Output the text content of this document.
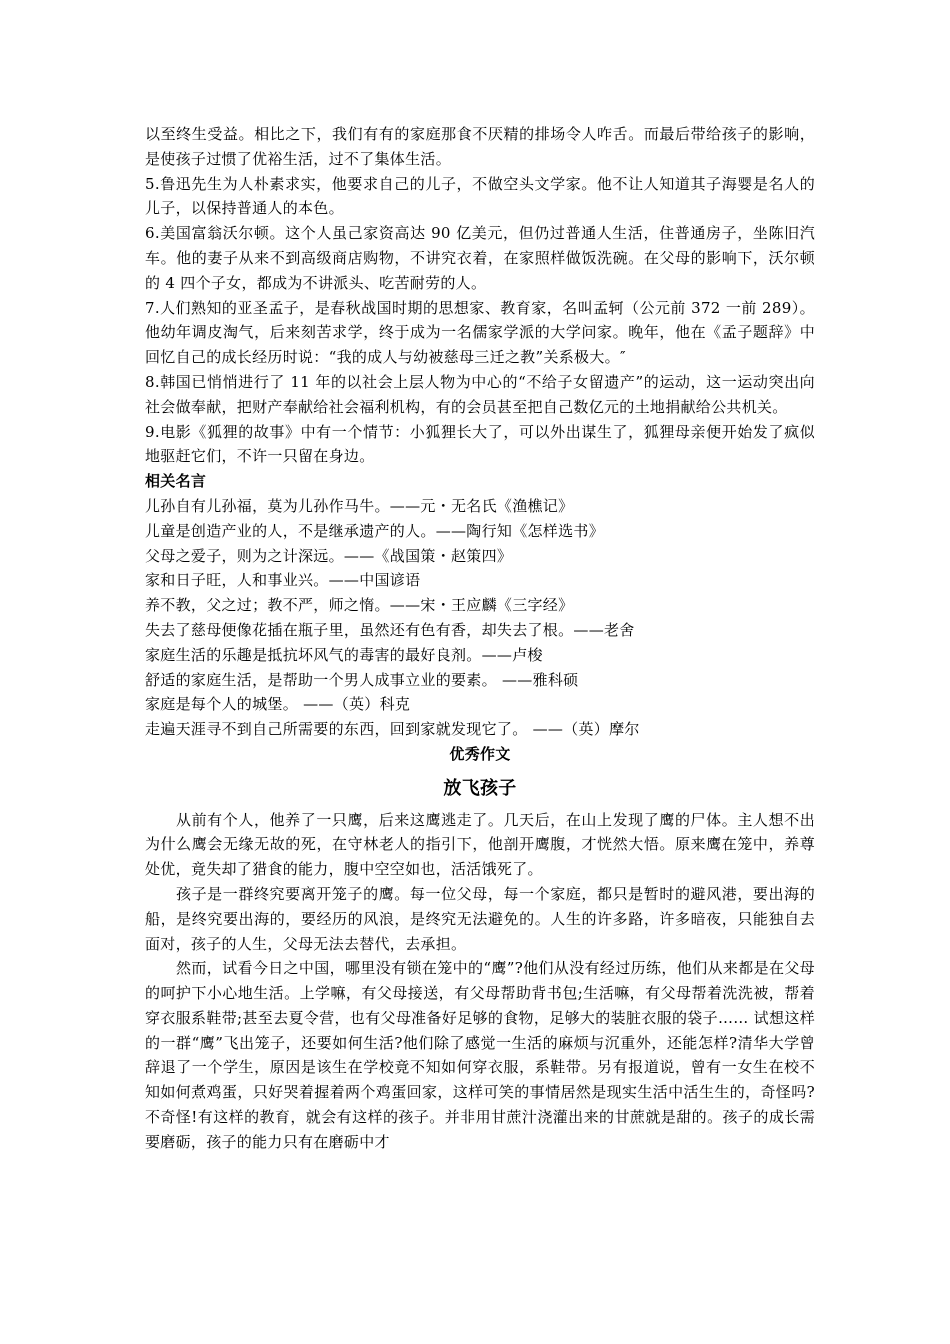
以至终生受益。相比之下，我们有有的家庭那食不厌精的排场令人咋舌。而最后带给孩子的影响，是使孩子过惯了优裕生活，过不了集体生活。

5.鲁迅先生为人朴素求实，他要求自己的儿子，不做空头文学家。他不让人知道其子海婴是名人的儿子，以保持普通人的本色。

6.美国富翁沃尔顿。这个人虽己家资高达 90 亿美元，但仍过普通人生活，住普通房子，坐陈旧汽车。他的妻子从来不到高级商店购物，不讲究衣着，在家照样做饭洗碗。在父母的影响下，沃尔顿的 4 四个子女，都成为不讲派头、吃苦耐劳的人。

7.人们熟知的亚圣孟子，是春秋战国时期的思想家、教育家，名叫孟轲（公元前 372 一前 289）。他幼年调皮淘气，后来刻苦求学，终于成为一名儒家学派的大学问家。晚年，他在《孟子题辞》中回忆自己的成长经历时说：“我的成人与幼被慈母三迁之教”关系极大。″

8.韩国已悄悄进行了 11 年的以社会上层人物为中心的“不给子女留遗产”的运动，这一运动突出向社会做奉献，把财产奉献给社会福利机构，有的会员甚至把自己数亿元的土地捐献给公共机关。

9.电影《狐狸的故事》中有一个情节：小狐狸长大了，可以外出谋生了，狐狸母亲便开始发了疯似地驱赶它们，不许一只留在身边。

相关名言

儿孙自有儿孙福，莫为儿孙作马牛。——元・无名氏《渔樵记》

儿童是创造产业的人，不是继承遗产的人。——陶行知《怎样选书》

父母之爱子，则为之计深远。——《战国策・赵策四》

家和日子旺，人和事业兴。——中国谚语

养不教，父之过；教不严，师之惰。——宋・王应麟《三字经》

失去了慈母便像花插在瓶子里，虽然还有色有香，却失去了根。——老舍

家庭生活的乐趣是抵抗坏风气的毒害的最好良剂。——卢梭

舒适的家庭生活，是帮助一个男人成事立业的要素。 ——雅科硕

家庭是每个人的城堡。 ——（英）科克

走遍天涯寻不到自己所需要的东西，回到家就发现它了。 ——（英）摩尔

优秀作文

放飞孩子

从前有个人，他养了一只鹰，后来这鹰逃走了。几天后，在山上发现了鹰的尸体。主人想不出为什么鹰会无缘无故的死，在守林老人的指引下，他剖开鹰腹，才恍然大悟。原来鹰在笼中，养尊处优，竟失却了猎食的能力，腹中空空如也，活活饿死了。

孩子是一群终究要离开笼子的鹰。每一位父母，每一个家庭，都只是暂时的避风港，要出海的船，是终究要出海的，要经历的风浪，是终究无法避免的。人生的许多路，许多暗夜，只能独自去面对，孩子的人生，父母无法去替代，去承担。

然而，试看今日之中国，哪里没有锁在笼中的“鹰”?他们从没有经过历练，他们从来都是在父母的呵护下小心地生活。上学嘛，有父母接送，有父母帮助背书包;生活嘛，有父母帮着洗洗被，帮着穿衣服系鞋带;甚至去夏令营，也有父母准备好足够的食物，足够大的装脏衣服的袋子…… 试想这样的一群“鹰”飞出笼子，还要如何生活?他们除了感觉一生活的麻烦与沉重外，还能怎样?清华大学曾辞退了一个学生，原因是该生在学校竟不知如何穿衣服，系鞋带。另有报道说，曾有一女生在校不知如何煮鸡蛋，只好哭着握着两个鸡蛋回家，这样可笑的事情居然是现实生活中活生生的，奇怪吗?不奇怪!有这样的教育，就会有这样的孩子。并非用甘蔗汁浇灌出来的甘蔗就是甜的。孩子的成长需要磨砺，孩子的能力只有在磨砺中才
